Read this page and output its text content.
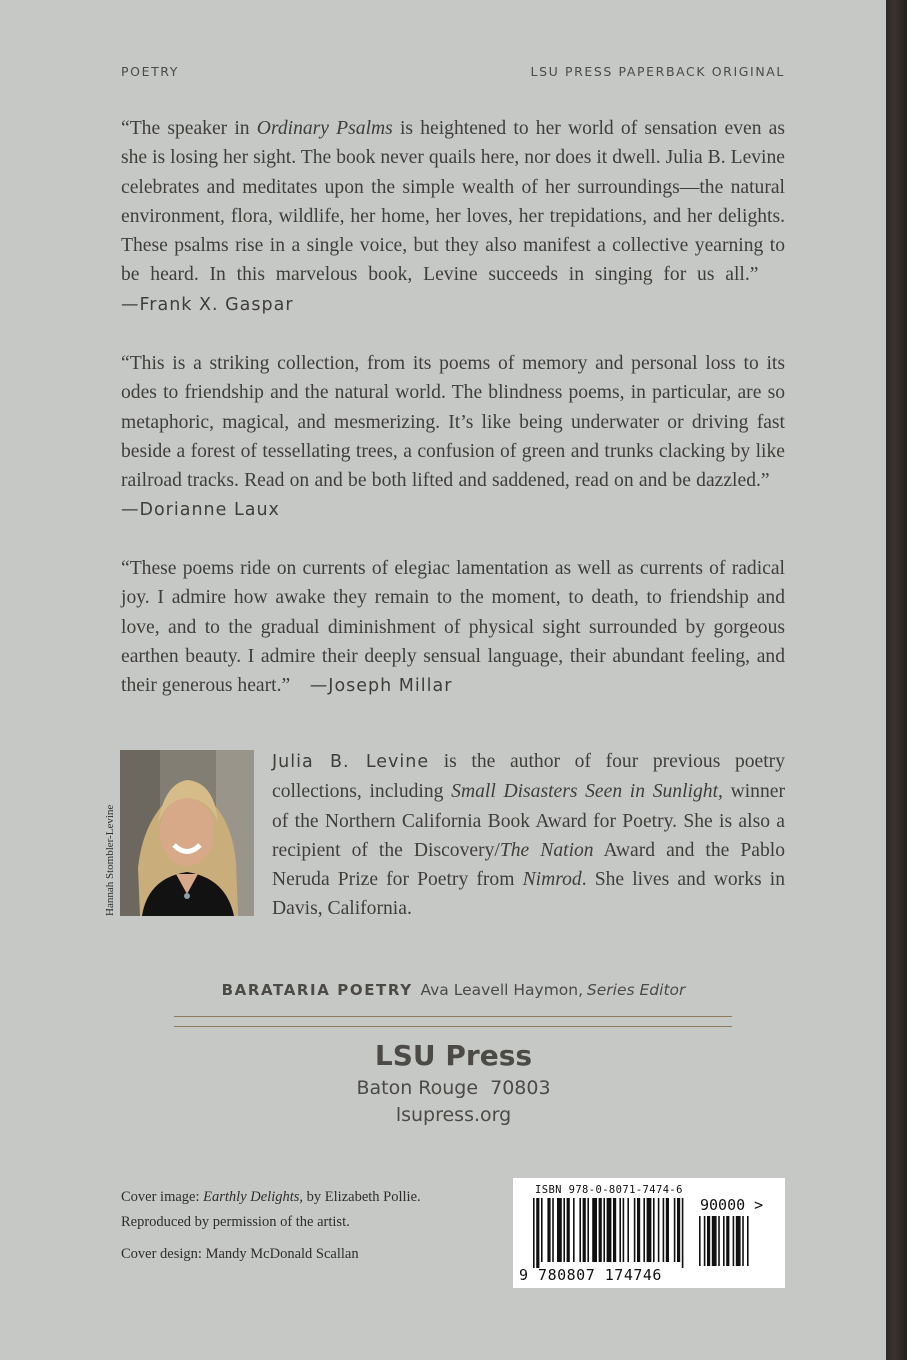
POETRY	LSU PRESS PAPERBACK ORIGINAL

“The speaker in Ordinary Psalms is heightened to her world of sensation even as she is losing her sight. The book never quails here, nor does it dwell. Julia B. Levine celebrates and meditates upon the simple wealth of her surroundings—the natural environment, flora, wildlife, her home, her loves, her trepidations, and her delights. These psalms rise in a single voice, but they also manifest a collective yearning to be heard. In this marvelous book, Levine succeeds in singing for us all.”    —Frank X. Gaspar

“This is a striking collection, from its poems of memory and personal loss to its odes to friendship and the natural world. The blindness poems, in particular, are so metaphoric, magical, and mesmerizing. It’s like being underwater or driving fast beside a forest of tessellating trees, a confusion of green and trunks clacking by like railroad tracks. Read on and be both lifted and saddened, read on and be dazzled.”    —Dorianne Laux

“These poems ride on currents of elegiac lamentation as well as currents of radical joy. I admire how awake they remain to the moment, to death, to friendship and love, and to the gradual diminishment of physical sight surrounded by gorgeous earthen beauty. I admire their deeply sensual language, their abundant feeling, and their generous heart.” —Joseph Millar

Hannah Stombler-Levine

Julia B. Levine is the author of four previous poetry collections, including Small Disasters Seen in Sunlight, winner of the Northern California Book Award for Poetry. She is also a recipient of the Discovery/The Nation Award and the Pablo Neruda Prize for Poetry from Nimrod. She lives and works in Davis, California.

BARATARIA POETRY Ava Leavell Haymon, Series Editor
LSU Press
Baton Rouge  70803
lsupress.org
Cover image: Earthly Delights, by Elizabeth Pollie.
Reproduced by permission of the artist.
Cover design: Mandy McDonald Scallan
ISBN 978-0-8071-7474-6
90000 >
9 780807 174746
